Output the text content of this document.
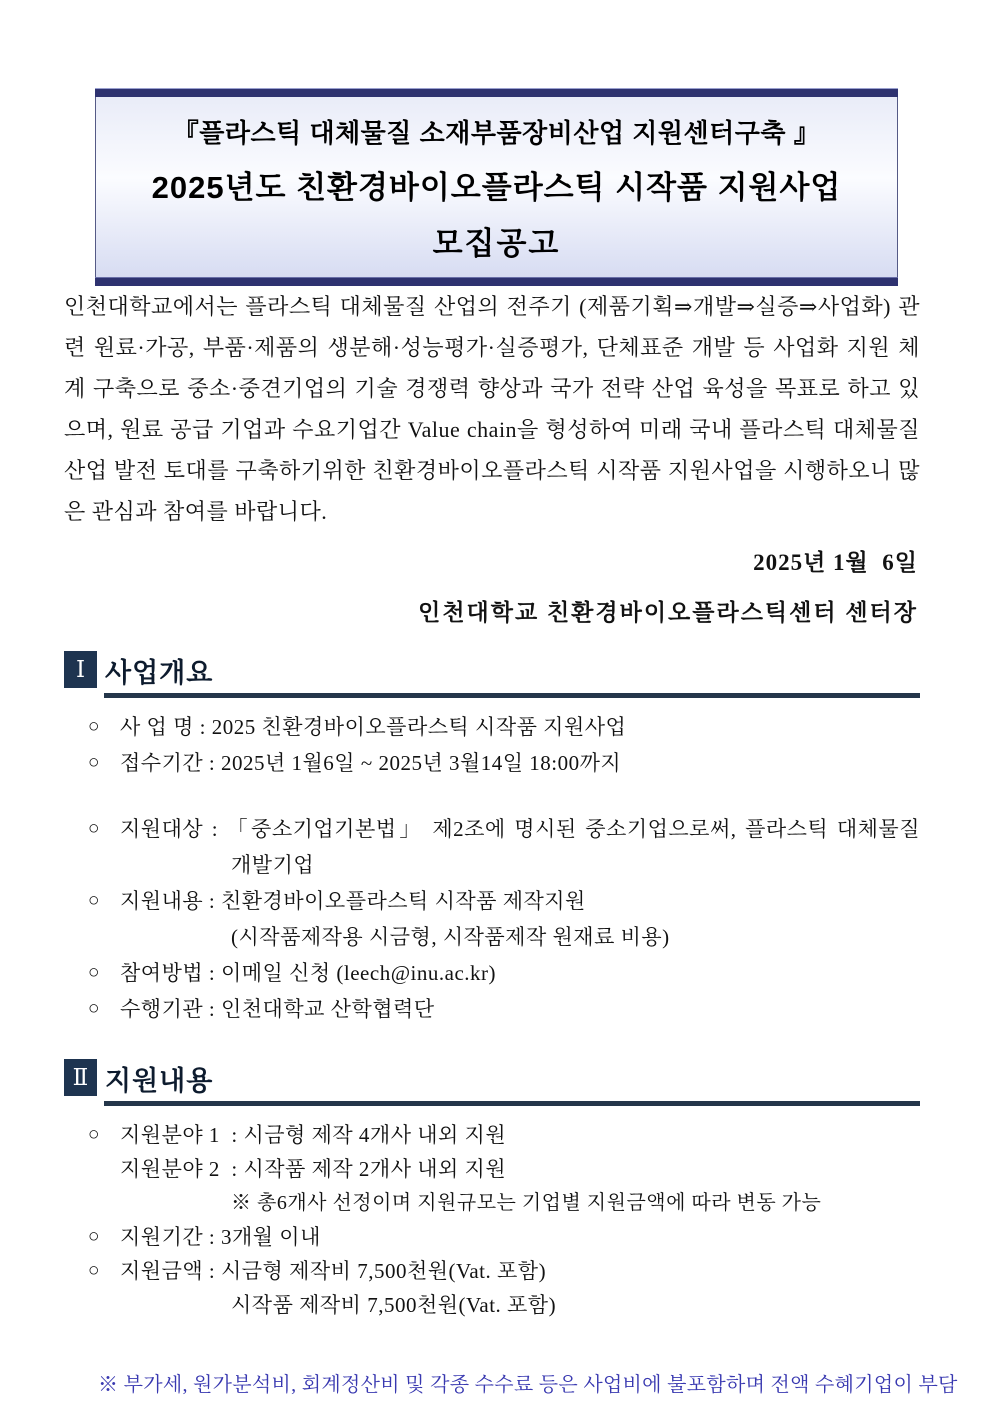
『플라스틱 대체물질 소재부품장비산업 지원센터구축 』
2025년도 친환경바이오플라스틱 시작품 지원사업
모집공고

인천대학교에서는 플라스틱 대체물질 산업의 전주기 (제품기획⇒개발⇒실증⇒사업화) 관련 원료·가공, 부품·제품의 생분해·성능평가·실증평가, 단체표준 개발 등 사업화 지원 체계 구축으로 중소·중견기업의 기술 경쟁력 향상과 국가 전략 산업 육성을 목표로 하고 있으며, 원료 공급 기업과 수요기업간 Value chain을 형성하여 미래 국내 플라스틱 대체물질 산업 발전 토대를 구축하기위한 친환경바이오플라스틱 시작품 지원사업을 시행하오니 많은 관심과 참여를 바랍니다.

2025년 1월  6일
인천대학교 친환경바이오플라스틱센터 센터장
Ⅰ 사업개요
○ 사 업 명 : 2025 친환경바이오플라스틱 시작품 지원사업
○ 접수기간 : 2025년 1월6일 ~ 2025년 3월14일 18:00까지
○ 지원대상 : 「중소기업기본법」 제2조에 명시된 중소기업으로써, 플라스틱 대체물질
개발기업
○ 지원내용 : 친환경바이오플라스틱 시작품 제작지원
(시작품제작용 시금형, 시작품제작 원재료 비용)
○ 참여방법 : 이메일 신청 (leech@inu.ac.kr)
○ 수행기관 : 인천대학교 산학협력단
Ⅱ 지원내용
○ 지원분야 1  : 시금형 제작 4개사 내외 지원
지원분야 2  : 시작품 제작 2개사 내외 지원
※ 총6개사 선정이며 지원규모는 기업별 지원금액에 따라 변동 가능
○ 지원기간 : 3개월 이내
○ 지원금액 : 시금형 제작비 7,500천원(Vat. 포함)
시작품 제작비 7,500천원(Vat. 포함)
※ 부가세, 원가분석비, 회계정산비 및 각종 수수료 등은 사업비에 불포함하며 전액 수혜기업이 부담
